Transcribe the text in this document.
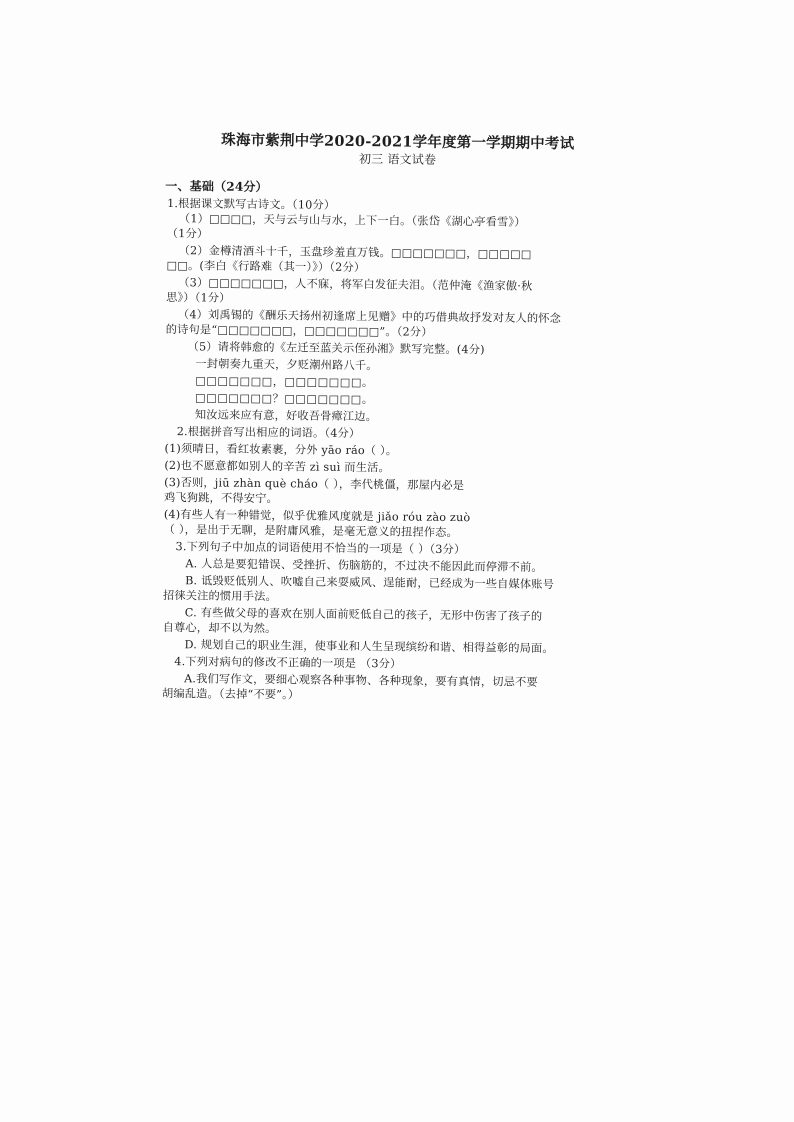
珠海市紫荆中学2020-2021学年度第一学期期中考试
初三 语文试卷
一、基础（24分）
1.根据课文默写古诗文。（10分）
（1）□□□□，天与云与山与水，上下一白。（张岱《湖心亭看雪》）
（1分）
（2）金樽清酒斗十千，玉盘珍羞直万钱。□□□□□□□，□□□□□
□□。(李白《行路难（其一）》）（2分）
（3）□□□□□□□，人不寐，将军白发征夫泪。（范仲淹《渔家傲·秋
思》）（1分）
（4）刘禹锡的《酬乐天扬州初逢席上见赠》中的巧借典故抒发对友人的怀念
的诗句是“□□□□□□□，□□□□□□□”。（2分）
（5）请将韩愈的《左迁至蓝关示侄孙湘》默写完整。(4分)
一封朝奏九重天，夕贬潮州路八千。
□□□□□□□，□□□□□□□。
□□□□□□□？□□□□□□□。
知汝远来应有意，好收吾骨瘴江边。
2.根据拼音写出相应的词语。（4分）
(1)须晴日，看红妆素裹，分外 yāo ráo（ ）。
(2)也不愿意都如别人的辛苦 zì suì 而生活。
(3)否则，jiū zhàn què cháo（ ），李代桃僵，那屋内必是
鸡飞狗跳，不得安宁。
(4)有些人有一种错觉，似乎优雅风度就是 jiǎo róu zào zuò
（ ），是出于无聊，是附庸风雅，是毫无意义的扭捏作态。
3.下列句子中加点的词语使用不恰当的一项是（ ）（3分）
A. 人总是要犯错误、受挫折、伤脑筋的，不过决不能因此而停滞不前。
B. 诋毁贬低别人、吹嘘自己来耍威风、逞能耐，已经成为一些自媒体账号
招徕关注的惯用手法。
C. 有些做父母的喜欢在别人面前贬低自己的孩子，无形中伤害了孩子的
自尊心，却不以为然。
D. 规划自己的职业生涯，使事业和人生呈现缤纷和谐、相得益彰的局面。
4.下列对病句的修改不正确的一项是 （3分）
A.我们写作文，要细心观察各种事物、各种现象，要有真情，切忌不要
胡编乱造。（去掉“不要”。）
